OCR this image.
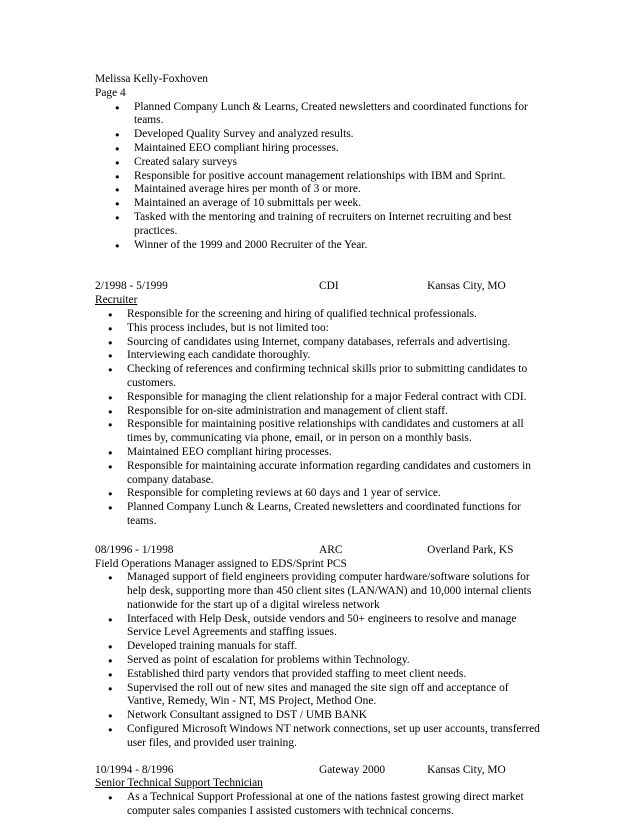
Melissa Kelly-Foxhoven
Page 4
● Planned Company Lunch & Learns, Created newsletters and coordinated functions for teams.
● Developed Quality Survey and analyzed results.
● Maintained EEO compliant hiring processes.
● Created salary surveys
● Responsible for positive account management relationships with IBM and Sprint.
● Maintained average hires per month of 3 or more.
● Maintained an average of 10 submittals per week.
● Tasked with the mentoring and training of recruiters on Internet recruiting and best practices.
● Winner of the 1999 and 2000 Recruiter of the Year.
2/1998 - 5/1999	CDI	Kansas City, MO
Recruiter
● Responsible for the screening and hiring of qualified technical professionals.
● This process includes, but is not limited too:
● Sourcing of candidates using Internet, company databases, referrals and advertising.
● Interviewing each candidate thoroughly.
● Checking of references and confirming technical skills prior to submitting candidates to customers.
● Responsible for managing the client relationship for a major Federal contract with CDI.
● Responsible for on-site administration and management of client staff.
● Responsible for maintaining positive relationships with candidates and customers at all times by, communicating via phone, email, or in person on a monthly basis.
● Maintained EEO compliant hiring processes.
● Responsible for maintaining accurate information regarding candidates and customers in company database.
● Responsible for completing reviews at 60 days and 1 year of service.
● Planned Company Lunch & Learns, Created newsletters and coordinated functions for teams.
08/1996 - 1/1998	ARC	Overland Park, KS
Field Operations Manager assigned to EDS/Sprint PCS
● Managed support of field engineers providing computer hardware/software solutions for help desk, supporting more than 450 client sites (LAN/WAN) and 10,000 internal clients nationwide for the start up of a digital wireless network
● Interfaced with Help Desk, outside vendors and 50+ engineers to resolve and manage Service Level Agreements and staffing issues.
● Developed training manuals for staff.
● Served as point of escalation for problems within Technology.
● Established third party vendors that provided staffing to meet client needs.
● Supervised the roll out of new sites and managed the site sign off and acceptance of Vantive, Remedy, Win - NT, MS Project, Method One.
● Network Consultant assigned to DST / UMB BANK
● Configured Microsoft Windows NT network connections, set up user accounts, transferred user files, and provided user training.
10/1994 - 8/1996	Gateway 2000	Kansas City, MO
Senior Technical Support Technician
● As a Technical Support Professional at one of the nations fastest growing direct market computer sales companies I assisted customers with technical concerns.
